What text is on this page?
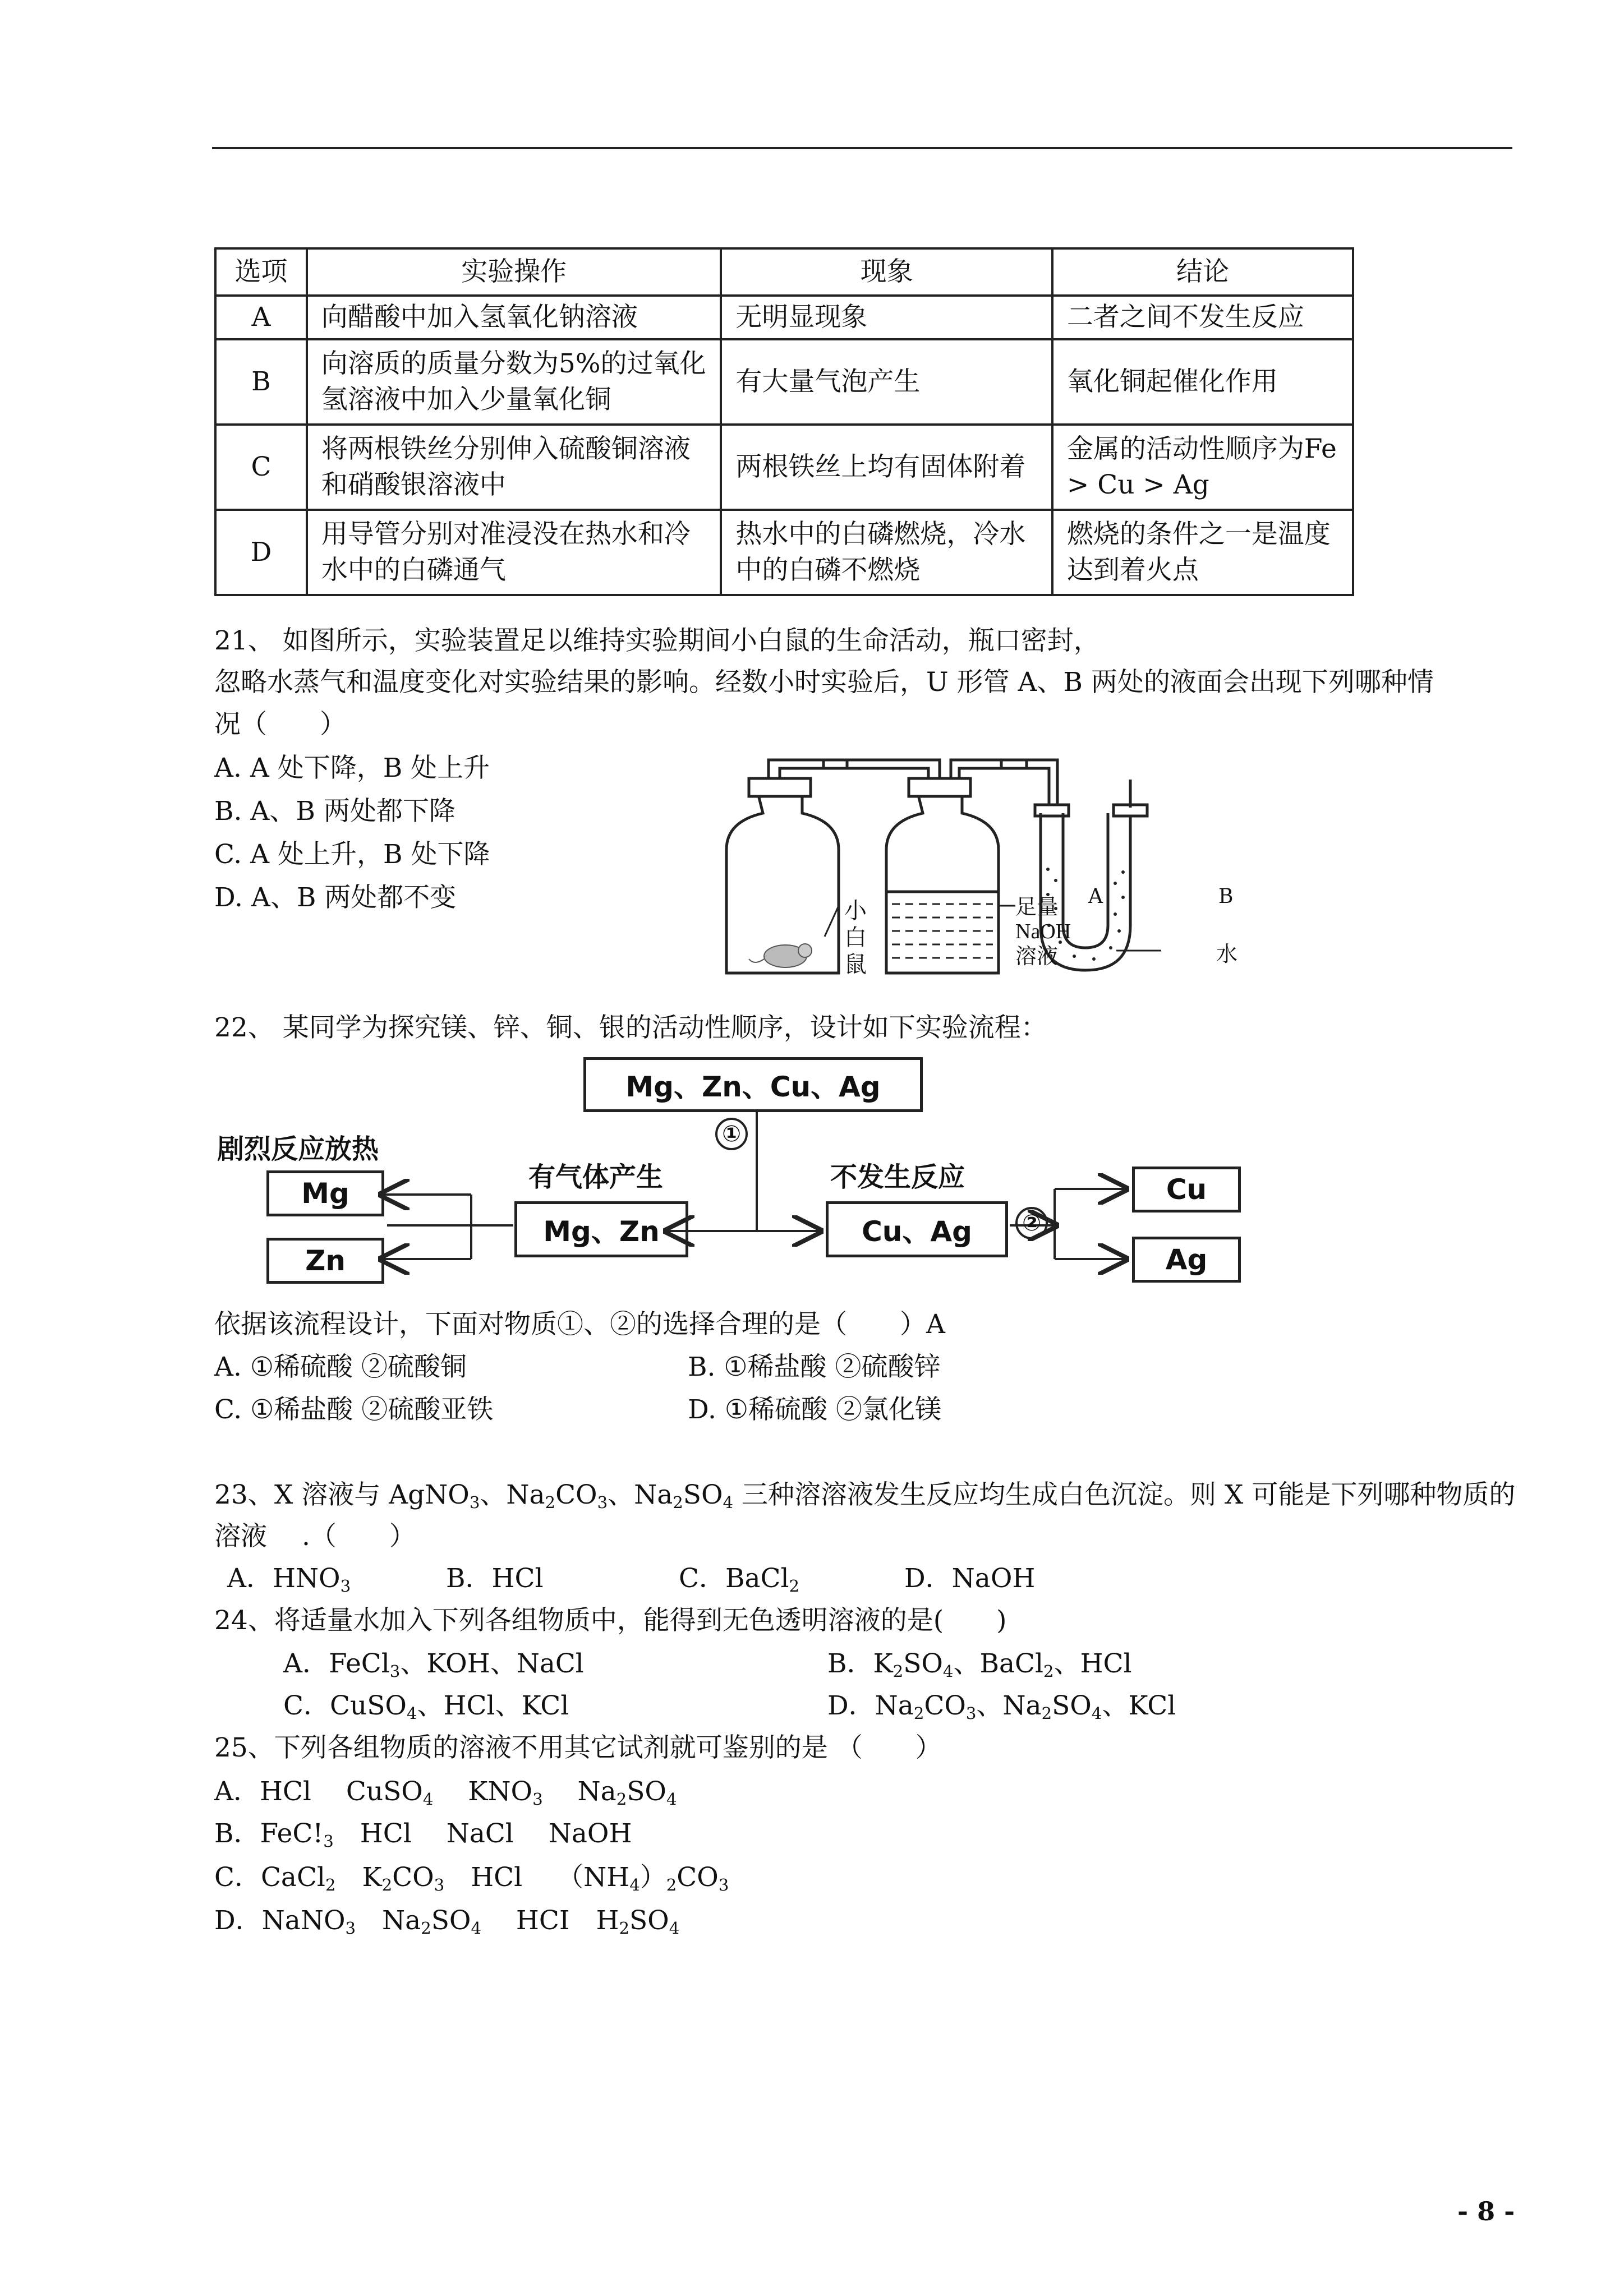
选项	实验操作	现象	结论
A	向醋酸中加入氢氧化钠溶液	无明显现象	二者之间不发生反应
B	向溶质的质量分数为5%的过氧化氢溶液中加入少量氧化铜	有大量气泡产生	氧化铜起催化作用
C	将两根铁丝分别伸入硫酸铜溶液和硝酸银溶液中	两根铁丝上均有固体附着	金属的活动性顺序为Fe > Cu > Ag
D	用导管分别对准浸没在热水和冷水中的白磷通气	热水中的白磷燃烧，冷水中的白磷不燃烧	燃烧的条件之一是温度达到着火点
21、 如图所示，实验装置足以维持实验期间小白鼠的生命活动，瓶口密封，
忽略水蒸气和温度变化对实验结果的影响。经数小时实验后，U 形管 A、B 两处的液面会出现下列哪种情
况（　　）
A. A 处下降，B 处上升
B. A、B 两处都下降
C. A 处上升，B 处下降
D. A、B 两处都不变	小
白
鼠
足量
NaOH
溶液
A	B
水
22、 某同学为探究镁、锌、铜、银的活动性顺序，设计如下实验流程：
Mg、Zn、Cu、Ag
①
剧烈反应放热
有气体产生	不发生反应
Mg
Mg、Zn	Cu、Ag	②
Cu
Zn	Ag
依据该流程设计，下面对物质①、②的选择合理的是（　　）A
A. ①稀硫酸 ②硫酸铜	B. ①稀盐酸 ②硫酸锌
C. ①稀盐酸 ②硫酸亚铁	D. ①稀硫酸 ②氯化镁
23、X 溶液与 AgNO$_3$、$Na_2CO_3$、$Na_2SO_4$ 三种溶溶液发生反应均生成白色沉淀。则 X 可能是下列哪种物质的
溶液 　.（　　）
A．$HNO_3$	B．HCl	C．BaCl$_2$	D．NaOH
24、将适量水加入下列各组物质中，能得到无色透明溶液的是(　　)
A．FeCl$_3$、KOH、NaCl	B．$K_2SO_4$、BaCl$_2$、HCl
C．CuSO$_4$、HCl、KCl	D．$Na_2CO_3$、$Na_2SO_4$、KCl
25、下列各组物质的溶液不用其它试剂就可鉴别的是 （　　）
A．HCl　 CuSO$_4$　 $KNO_3$　 $Na_2SO_4$
B．$FeC!_3$　HCl　 NaCl　 NaOH
C．CaCl$_2$　$K_2CO_3$　HCl　 $(NH_4)_2CO_3$
D．NaNO$_3$　$Na_2SO_4$　 HCI　$H_2SO_4$
- 8 -
